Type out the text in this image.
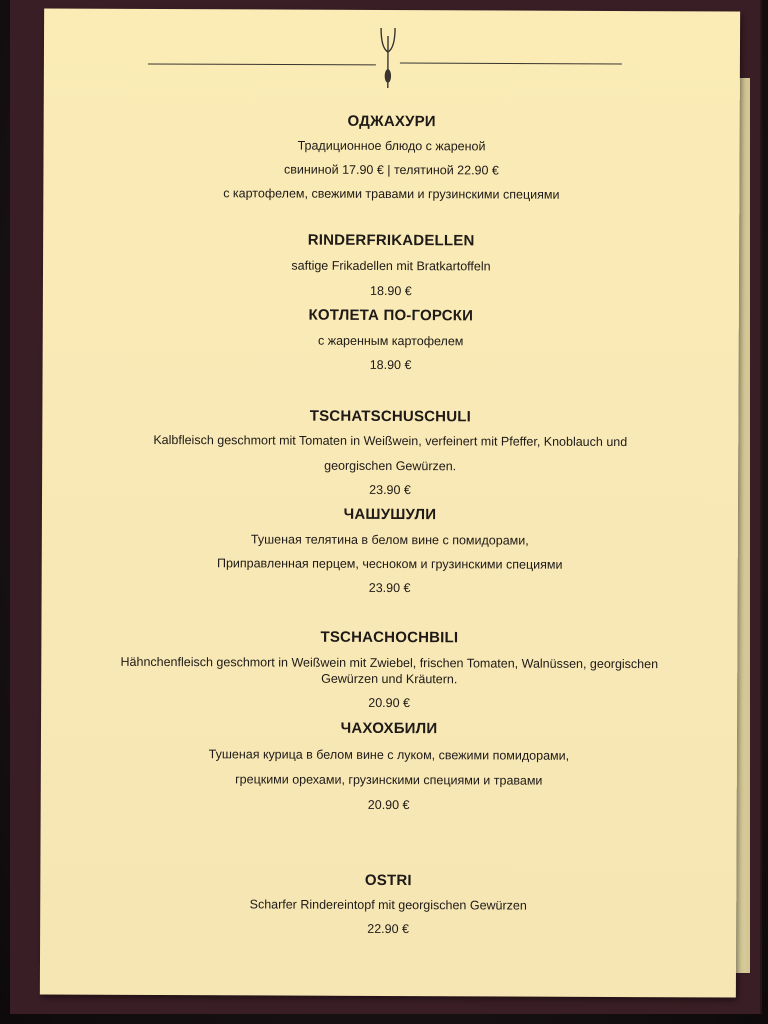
ОДЖАХУРИ
Традиционное блюдо с жареной
свининой 17.90 € | телятиной 22.90 €
с картофелем, свежими травами и грузинскими специями
RINDERFRIKADELLEN
saftige Frikadellen mit Bratkartoffeln
18.90 €
КОТЛЕТА ПО-ГОРСКИ
с жаренным картофелем
18.90 €
TSCHATSCHUSCHULI
Kalbfleisch geschmort mit Tomaten in Weißwein, verfeinert mit Pfeffer, Knoblauch und
georgischen Gewürzen.
23.90 €
ЧАШУШУЛИ
Тушеная телятина в белом вине с помидорами,
Приправленная перцем, чесноком и грузинскими специями
23.90 €
TSCHACHOCHBILI
Hähnchenfleisch geschmort in Weißwein mit Zwiebel, frischen Tomaten, Walnüssen, georgischen
Gewürzen und Kräutern.
20.90 €
ЧАХОХБИЛИ
Тушеная курица в белом вине с луком, свежими помидорами,
грецкими орехами, грузинскими специями и травами
20.90 €
OSTRI
Scharfer Rindereintopf mit georgischen Gewürzen
22.90 €
